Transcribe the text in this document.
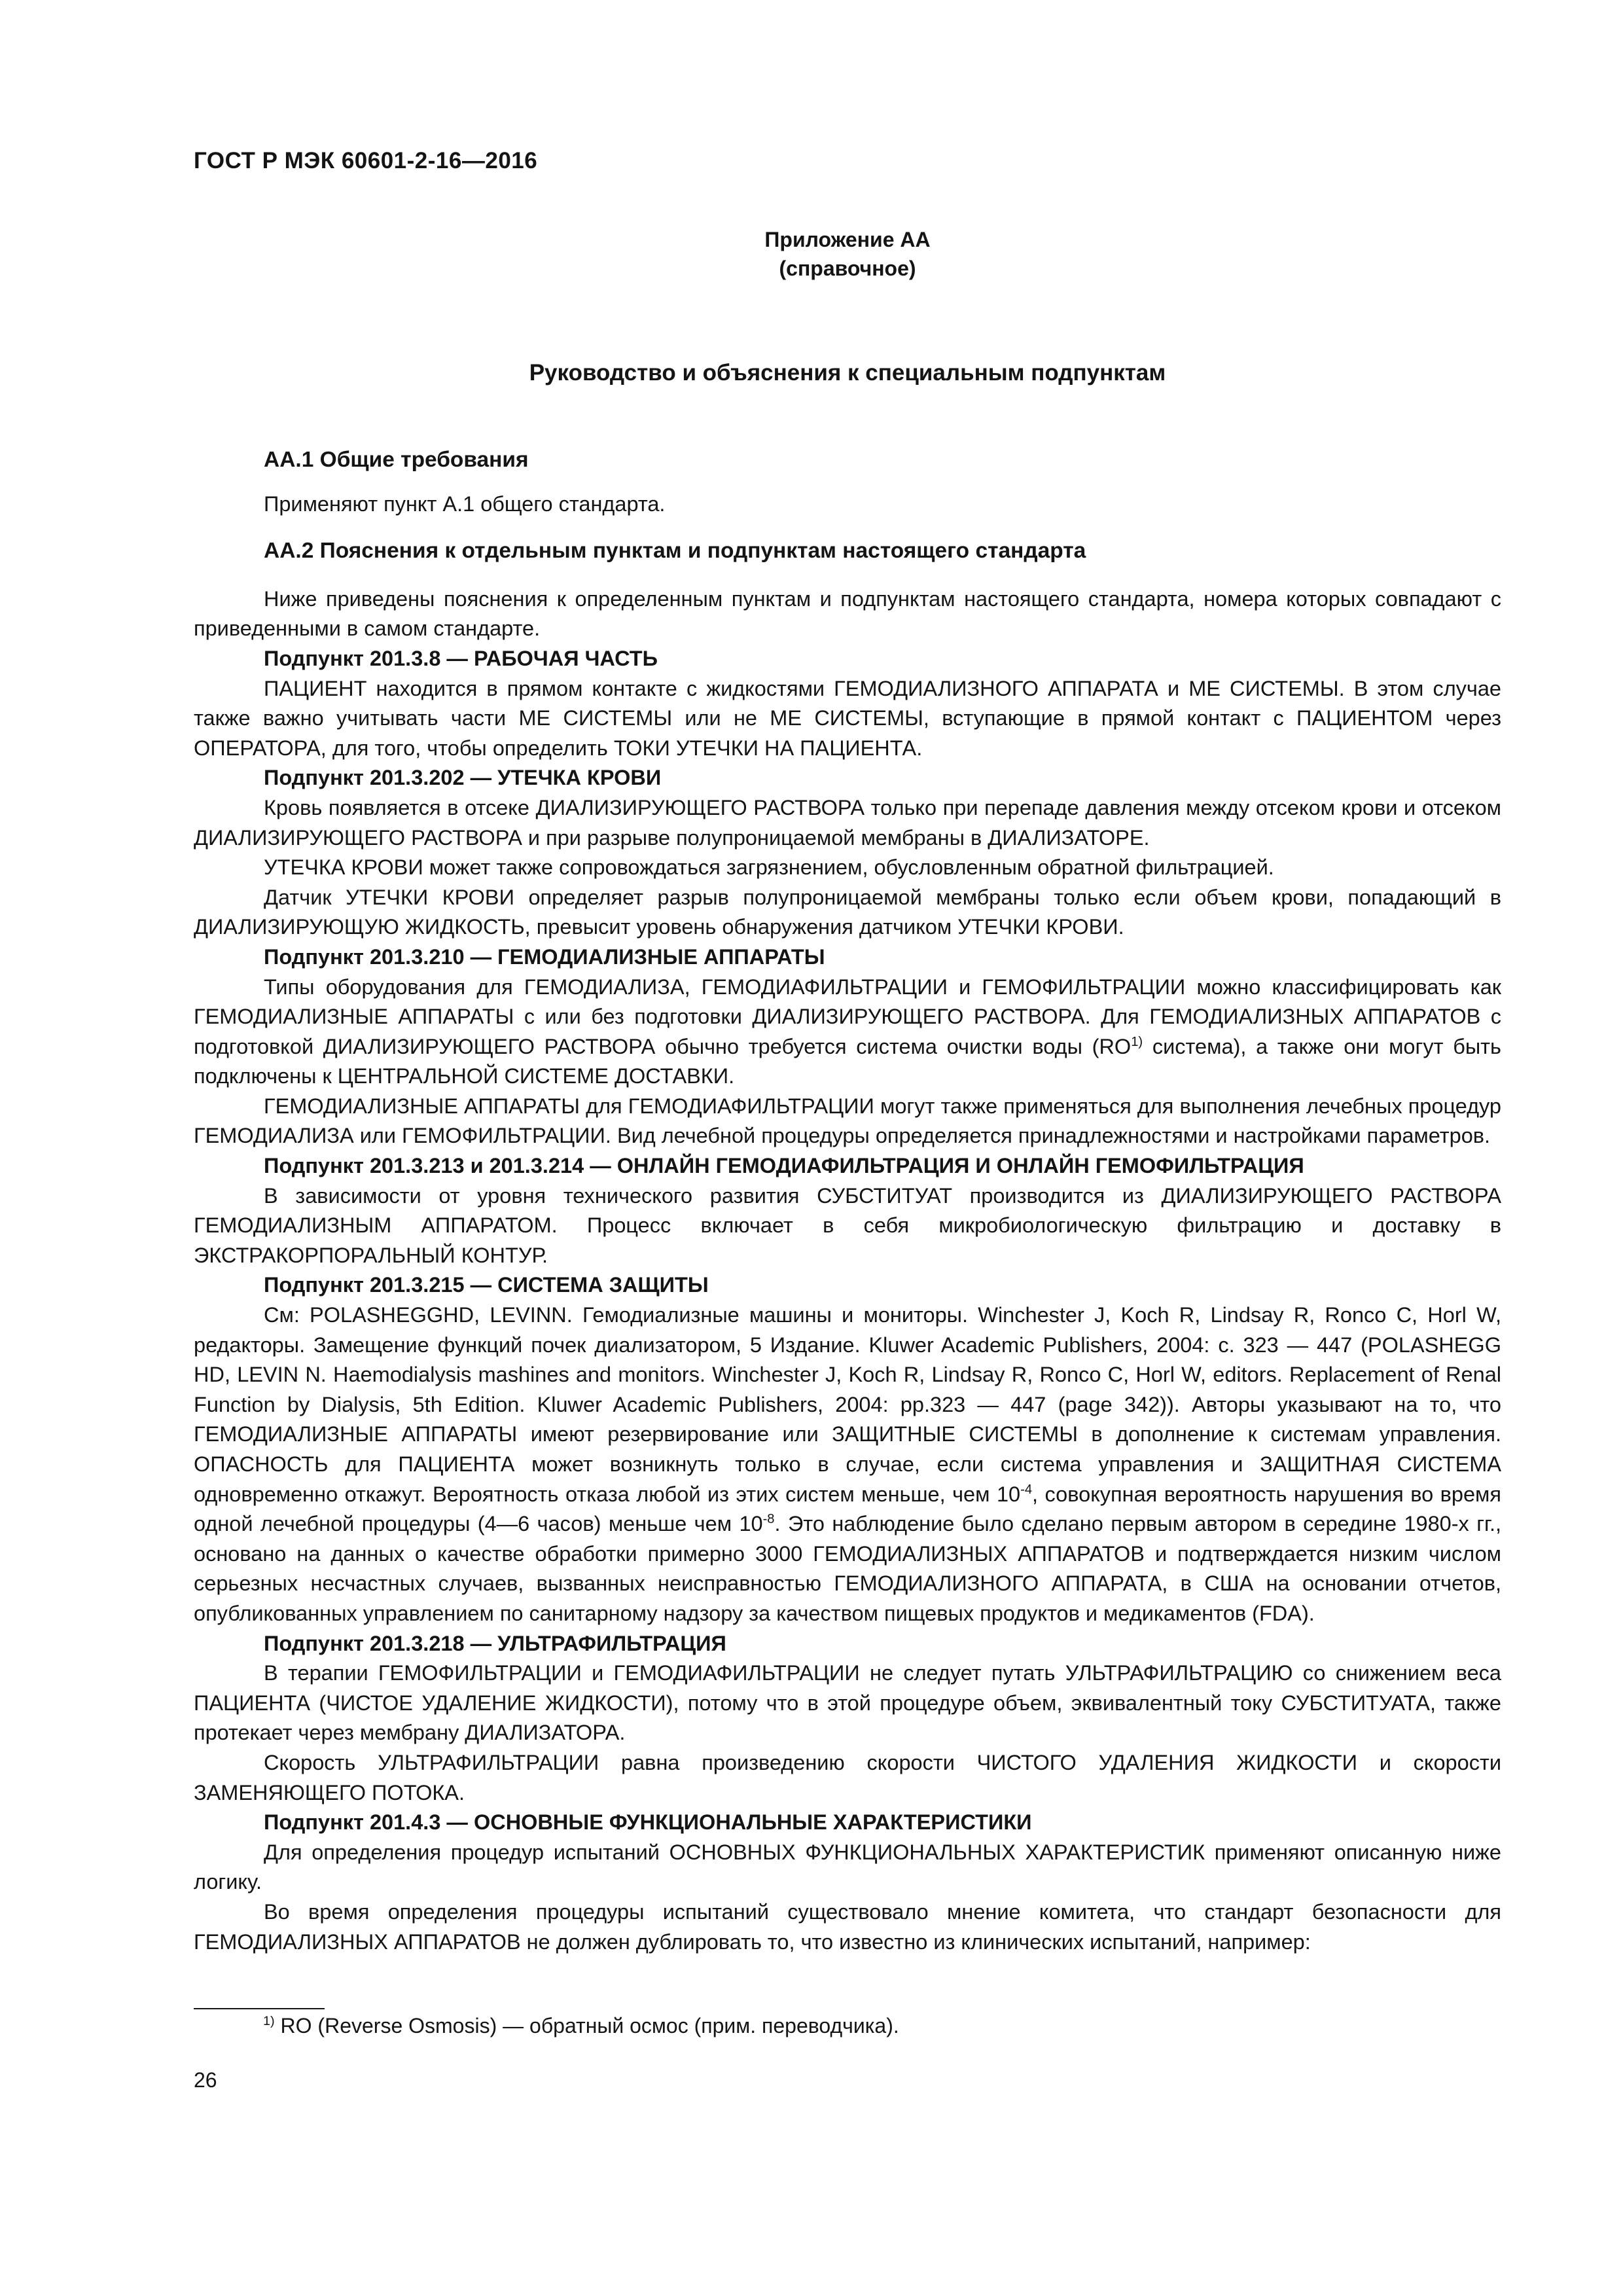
ГОСТ Р МЭК 60601-2-16—2016
Приложение АА
(справочное)
Руководство и объяснения к специальным подпунктам
АА.1 Общие требования

Применяют пункт А.1 общего стандарта.

АА.2 Пояснения к отдельным пунктам и подпунктам настоящего стандарта

Ниже приведены пояснения к определенным пунктам и подпунктам настоящего стандарта, номера которых совпадают с приведенными в самом стандарте.

Подпункт 201.3.8 — РАБОЧАЯ ЧАСТЬ

ПАЦИЕНТ находится в прямом контакте с жидкостями ГЕМОДИАЛИЗНОГО АППАРАТА и МЕ СИСТЕМЫ. В этом случае также важно учитывать части МЕ СИСТЕМЫ или не МЕ СИСТЕМЫ, вступающие в прямой контакт с ПАЦИЕНТОМ через ОПЕРАТОРА, для того, чтобы определить ТОКИ УТЕЧКИ НА ПАЦИЕНТА.

Подпункт 201.3.202 — УТЕЧКА КРОВИ

Кровь появляется в отсеке ДИАЛИЗИРУЮЩЕГО РАСТВОРА только при перепаде давления между отсеком крови и отсеком ДИАЛИЗИРУЮЩЕГО РАСТВОРА и при разрыве полупроницаемой мембраны в ДИАЛИЗАТОРЕ.

УТЕЧКА КРОВИ может также сопровождаться загрязнением, обусловленным обратной фильтрацией.

Датчик УТЕЧКИ КРОВИ определяет разрыв полупроницаемой мембраны только если объем крови, попадающий в ДИАЛИЗИРУЮЩУЮ ЖИДКОСТЬ, превысит уровень обнаружения датчиком УТЕЧКИ КРОВИ.

Подпункт 201.3.210 — ГЕМОДИАЛИЗНЫЕ АППАРАТЫ

Типы оборудования для ГЕМОДИАЛИЗА, ГЕМОДИАФИЛЬТРАЦИИ и ГЕМОФИЛЬТРАЦИИ можно классифицировать как ГЕМОДИАЛИЗНЫЕ АППАРАТЫ с или без подготовки ДИАЛИЗИРУЮЩЕГО РАСТВОРА. Для ГЕМОДИАЛИЗНЫХ АППАРАТОВ с подготовкой ДИАЛИЗИРУЮЩЕГО РАСТВОРА обычно требуется система очистки воды (RO$^{1)}$ система), а также они могут быть подключены к ЦЕНТРАЛЬНОЙ СИСТЕМЕ ДОСТАВКИ.

ГЕМОДИАЛИЗНЫЕ АППАРАТЫ для ГЕМОДИАФИЛЬТРАЦИИ могут также применяться для выполнения лечебных процедур ГЕМОДИАЛИЗА или ГЕМОФИЛЬТРАЦИИ. Вид лечебной процедуры определяется принадлежностями и настройками параметров.

Подпункт 201.3.213 и 201.3.214 — ОНЛАЙН ГЕМОДИАФИЛЬТРАЦИЯ И ОНЛАЙН ГЕМОФИЛЬТРАЦИЯ

В зависимости от уровня технического развития СУБСТИТУАТ производится из ДИАЛИЗИРУЮЩЕГО РАСТВОРА ГЕМОДИАЛИЗНЫМ АППАРАТОМ. Процесс включает в себя микробиологическую фильтрацию и доставку в ЭКСТРАКОРПОРАЛЬНЫЙ КОНТУР.

Подпункт 201.3.215 — СИСТЕМА ЗАЩИТЫ

См: POLASHEGGHD, LEVINN. Гемодиализные машины и мониторы. Winchester J, Koch R, Lindsay R, Ronco C, Horl W, редакторы. Замещение функций почек диализатором, 5 Издание. Kluwer Academic Publishers, 2004: с. 323 — 447 (POLASHEGG HD, LEVIN N. Haemodialysis mashines and monitors. Winchester J, Koch R, Lindsay R, Ronco C, Horl W, editors. Replacement of Renal Function by Dialysis, 5th Edition. Kluwer Academic Publishers, 2004: pp.323 — 447 (page 342)). Авторы указывают на то, что ГЕМОДИАЛИЗНЫЕ АППАРАТЫ имеют резервирование или ЗАЩИТНЫЕ СИСТЕМЫ в дополнение к системам управления. ОПАСНОСТЬ для ПАЦИЕНТА может возникнуть только в случае, если система управления и ЗАЩИТНАЯ СИСТЕМА одновременно откажут. Вероятность отказа любой из этих систем меньше, чем $10^{-4}$, совокупная вероятность нарушения во время одной лечебной процедуры (4—6 часов) меньше чем $10^{-8}$. Это наблюдение было сделано первым автором в середине 1980-х гг., основано на данных о качестве обработки примерно 3000 ГЕМОДИАЛИЗНЫХ АППАРАТОВ и подтверждается низким числом серьезных несчастных случаев, вызванных неисправностью ГЕМОДИАЛИЗНОГО АППАРАТА, в США на основании отчетов, опубликованных управлением по санитарному надзору за качеством пищевых продуктов и медикаментов (FDA).

Подпункт 201.3.218 — УЛЬТРАФИЛЬТРАЦИЯ

В терапии ГЕМОФИЛЬТРАЦИИ и ГЕМОДИАФИЛЬТРАЦИИ не следует путать УЛЬТРАФИЛЬТРАЦИЮ со снижением веса ПАЦИЕНТА (ЧИСТОЕ УДАЛЕНИЕ ЖИДКОСТИ), потому что в этой процедуре объем, эквивалентный току СУБСТИТУАТА, также протекает через мембрану ДИАЛИЗАТОРА.

Скорость УЛЬТРАФИЛЬТРАЦИИ равна произведению скорости ЧИСТОГО УДАЛЕНИЯ ЖИДКОСТИ и скорости ЗАМЕНЯЮЩЕГО ПОТОКА.

Подпункт 201.4.3 — ОСНОВНЫЕ ФУНКЦИОНАЛЬНЫЕ ХАРАКТЕРИСТИКИ

Для определения процедур испытаний ОСНОВНЫХ ФУНКЦИОНАЛЬНЫХ ХАРАКТЕРИСТИК применяют описанную ниже логику.

Во время определения процедуры испытаний существовало мнение комитета, что стандарт безопасности для ГЕМОДИАЛИЗНЫХ АППАРАТОВ не должен дублировать то, что известно из клинических испытаний, например:

$^{1)}$ RO (Reverse Osmosis) — обратный осмос (прим. переводчика).
26
